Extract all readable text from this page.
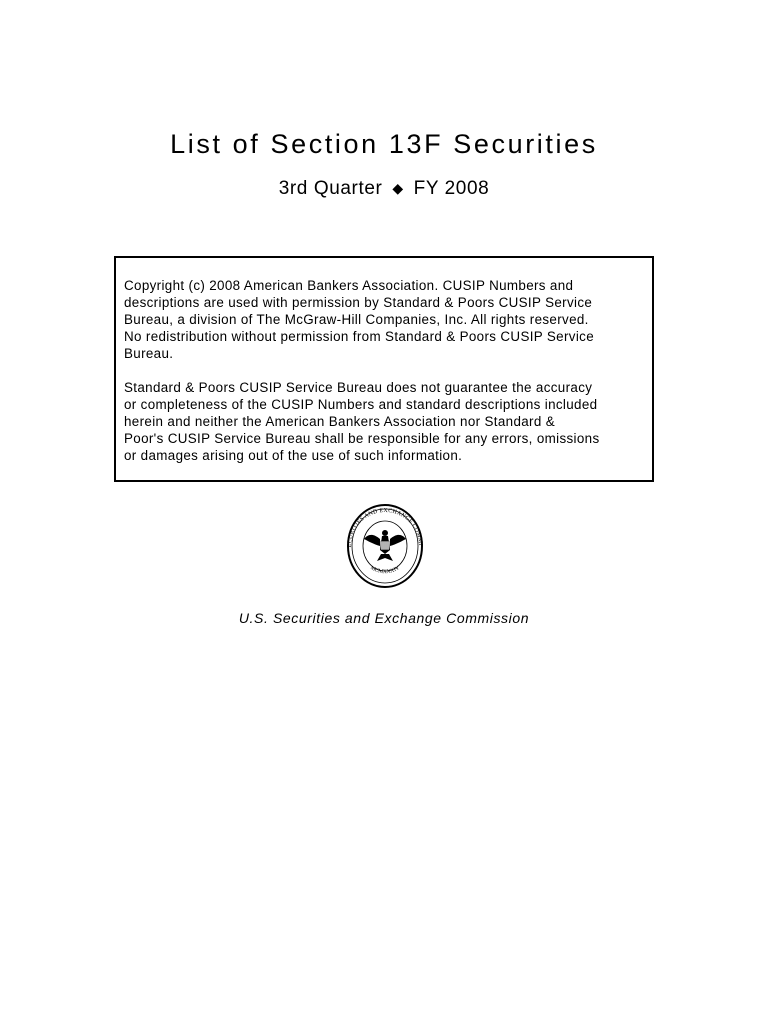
List of Section 13F Securities
3rd Quarter ◆ FY 2008

Copyright (c) 2008 American Bankers Association. CUSIP Numbers and
descriptions are used with permission by Standard & Poors CUSIP Service
Bureau, a division of The McGraw-Hill Companies, Inc. All rights reserved.
No redistribution without permission from Standard & Poors CUSIP Service
Bureau.

Standard & Poors CUSIP Service Bureau does not guarantee the accuracy
or completeness of the CUSIP Numbers and standard descriptions included
herein and neither the American Bankers Association nor Standard &
Poor's CUSIP Service Bureau shall be responsible for any errors, omissions
or damages arising out of the use of such information.

ECURITIES AND EXCHANGE COMMI
MCMXXXIV
U.S. Securities and Exchange Commission
